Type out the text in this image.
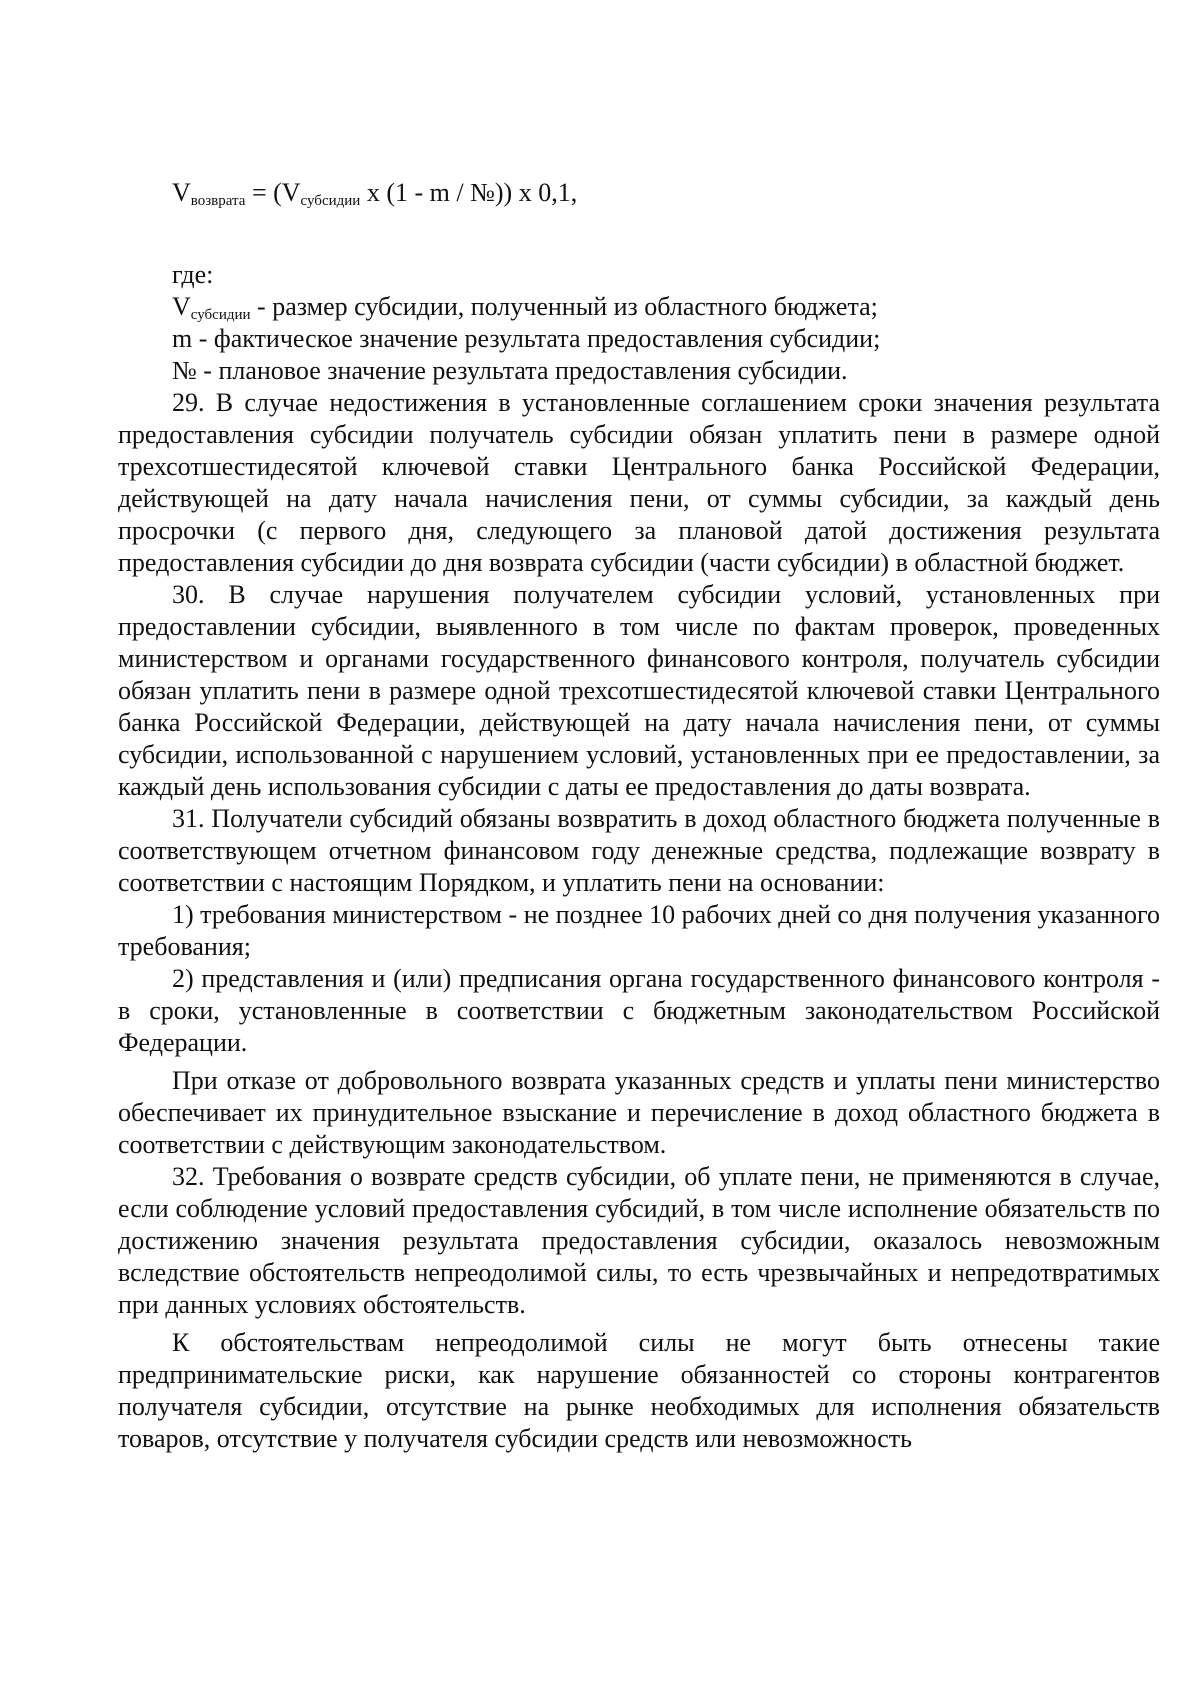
$V_{возврата} = (V_{субсидии}$ x (1 - m / №)) x 0,1,

где:

$V_{субсидии}$ - размер субсидии, полученный из областного бюджета;

m - фактическое значение результата предоставления субсидии;

№ - плановое значение результата предоставления субсидии.

29. В случае недостижения в установленные соглашением сроки значения результата предоставления субсидии получатель субсидии обязан уплатить пени в размере одной трехсотшестидесятой ключевой ставки Центрального банка Российской Федерации, действующей на дату начала начисления пени, от суммы субсидии, за каждый день просрочки (с первого дня, следующего за плановой датой достижения результата предоставления субсидии до дня возврата субсидии (части субсидии) в областной бюджет.

30. В случае нарушения получателем субсидии условий, установленных при предоставлении субсидии, выявленного в том числе по фактам проверок, проведенных министерством и органами государственного финансового контроля, получатель субсидии обязан уплатить пени в размере одной трехсотшестидесятой ключевой ставки Центрального банка Российской Федерации, действующей на дату начала начисления пени, от суммы субсидии, использованной с нарушением условий, установленных при ее предоставлении, за каждый день использования субсидии с даты ее предоставления до даты возврата.

31. Получатели субсидий обязаны возвратить в доход областного бюджета полученные в соответствующем отчетном финансовом году денежные средства, подлежащие возврату в соответствии с настоящим Порядком, и уплатить пени на основании:

1) требования министерством - не позднее 10 рабочих дней со дня получения указанного требования;

2) представления и (или) предписания органа государственного финансового контроля - в сроки, установленные в соответствии с бюджетным законодательством Российской Федерации.

При отказе от добровольного возврата указанных средств и уплаты пени министерство обеспечивает их принудительное взыскание и перечисление в доход областного бюджета в соответствии с действующим законодательством.

32. Требования о возврате средств субсидии, об уплате пени, не применяются в случае, если соблюдение условий предоставления субсидий, в том числе исполнение обязательств по достижению значения результата предоставления субсидии, оказалось невозможным вследствие обстоятельств непреодолимой силы, то есть чрезвычайных и непредотвратимых при данных условиях обстоятельств.

К обстоятельствам непреодолимой силы не могут быть отнесены такие предпринимательские риски, как нарушение обязанностей со стороны контрагентов получателя субсидии, отсутствие на рынке необходимых для исполнения обязательств товаров, отсутствие у получателя субсидии средств или невозможность
